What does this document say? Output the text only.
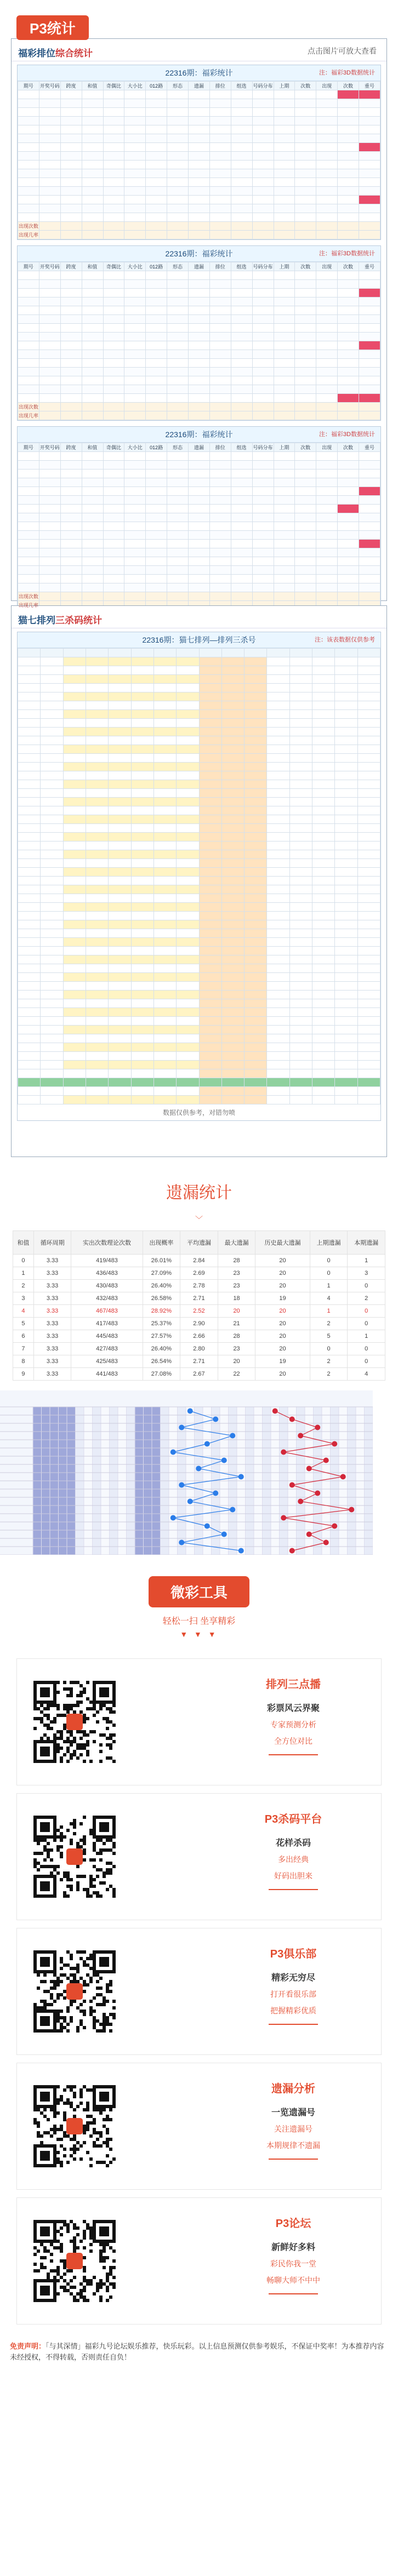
P3统计
福彩排位综合统计	点击图片可放大查看
22316期：福彩统计	注：福彩3D数据统计
期号	开奖号码	跨度	和值	奇偶比	大小比	012路	形态	遗漏	排位	组选	号码分布	上期	次数	出现	次数	重号

出现次数																
出现几率																
22316期：福彩统计	注：福彩3D数据统计
期号	开奖号码	跨度	和值	奇偶比	大小比	012路	形态	遗漏	排位	组选	号码分布	上期	次数	出现	次数	重号

出现次数																
出现几率																
22316期：福彩统计	注：福彩3D数据统计
期号	开奖号码	跨度	和值	奇偶比	大小比	012路	形态	遗漏	排位	组选	号码分布	上期	次数	出现	次数	重号

出现次数																
出现几率																
猫七排列三杀码统计
22316期：猫七排列—排列三杀号	注：该表数据仅供参考

数据仅供参考，对错勿喷
遗漏统计
﹀
和值	循环周期	实出次数理论次数	出现概率	平均遗漏	最大遗漏	历史最大遗漏	上期遗漏	本期遗漏
0	3.33	419/483	26.01%	2.84	28	20	0	1
1	3.33	436/483	27.09%	2.69	23	20	0	3
2	3.33	430/483	26.40%	2.78	23	20	1	0
3	3.33	432/483	26.58%	2.71	18	19	4	2
4	3.33	467/483	28.92%	2.52	20	20	1	0
5	3.33	417/483	25.37%	2.90	21	20	2	0
6	3.33	445/483	27.57%	2.66	28	20	5	1
7	3.33	427/483	26.40%	2.80	23	20	0	0
8	3.33	425/483	26.54%	2.71	20	19	2	0
9	3.33	441/483	27.08%	2.67	22	20	2	4
微彩工具
轻松一扫 坐享精彩
▼ ▼ ▼
排列三点播
彩票风云界聚
专家预测分析
全方位对比
P3杀码平台
花样杀码
多出经典
好码出胆来
P3俱乐部
精彩无穷尽
打开看很乐部
把握精彩优质
遗漏分析
一览遗漏号
关注遗漏号
本期规律不遗漏
P3论坛
新鲜好多料
彩民你我一堂
畅聊大师不中中
免责声明：「与其深情」福彩九号论坛娱乐推荐，快乐玩彩。以上信息预测仅供参考娱乐，不保证中奖率！为本推荐内容未经授权，不得转载，否则责任自负！
